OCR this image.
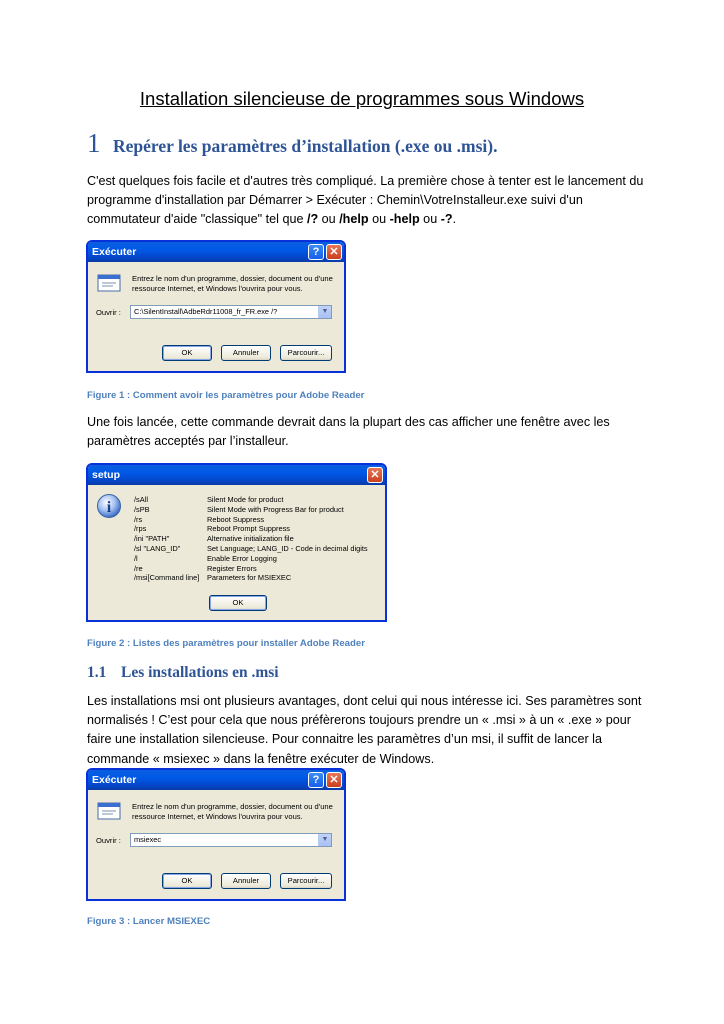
Installation silencieuse de programmes sous Windows
1 Repérer les paramètres d’installation (.exe ou .msi).
C'est quelques fois facile et d'autres très compliqué. La première chose à tenter est le lancement du
programme d'installation par Démarrer > Exécuter : Chemin\VotreInstalleur.exe suivi d'un
commutateur d'aide "classique" tel que /? ou /help ou -help ou -?.
Exécuter	? ✕
Entrez le nom d'un programme, dossier, document ou d'une
ressource Internet, et Windows l'ouvrira pour vous.
Ouvrir :	C:\SilentInstall\AdbeRdr11008_fr_FR.exe /?	▼
OK	Annuler	Parcourir...
Figure 1 : Comment avoir les paramètres pour Adobe Reader
Une fois lancée, cette commande devrait dans la plupart des cas afficher une fenêtre avec les
paramètres acceptés par l’installeur.
setup	✕
i	/sAll	Silent Mode for product
/sPB	Silent Mode with Progress Bar for product
/rs	Reboot Suppress
/rps	Reboot Prompt Suppress
/ini "PATH"	Alternative initialization file
/sl "LANG_ID"	Set Language; LANG_ID - Code in decimal digits
/l	Enable Error Logging
/re	Register Errors
/msi[Command line]	Parameters for MSIEXEC
OK
Figure 2 : Listes des paramètres pour installer Adobe Reader
1.1 Les installations en .msi
Les installations msi ont plusieurs avantages, dont celui qui nous intéresse ici. Ses paramètres sont
normalisés ! C’est pour cela que nous préfèrerons toujours prendre un « .msi » à un « .exe » pour
faire une installation silencieuse. Pour connaitre les paramètres d’un msi, il suffit de lancer la
commande « msiexec » dans la fenêtre exécuter de Windows.
Exécuter	? ✕
Entrez le nom d'un programme, dossier, document ou d'une
ressource Internet, et Windows l'ouvrira pour vous.
Ouvrir :	msiexec	▼
OK	Annuler	Parcourir...
Figure 3 : Lancer MSIEXEC
